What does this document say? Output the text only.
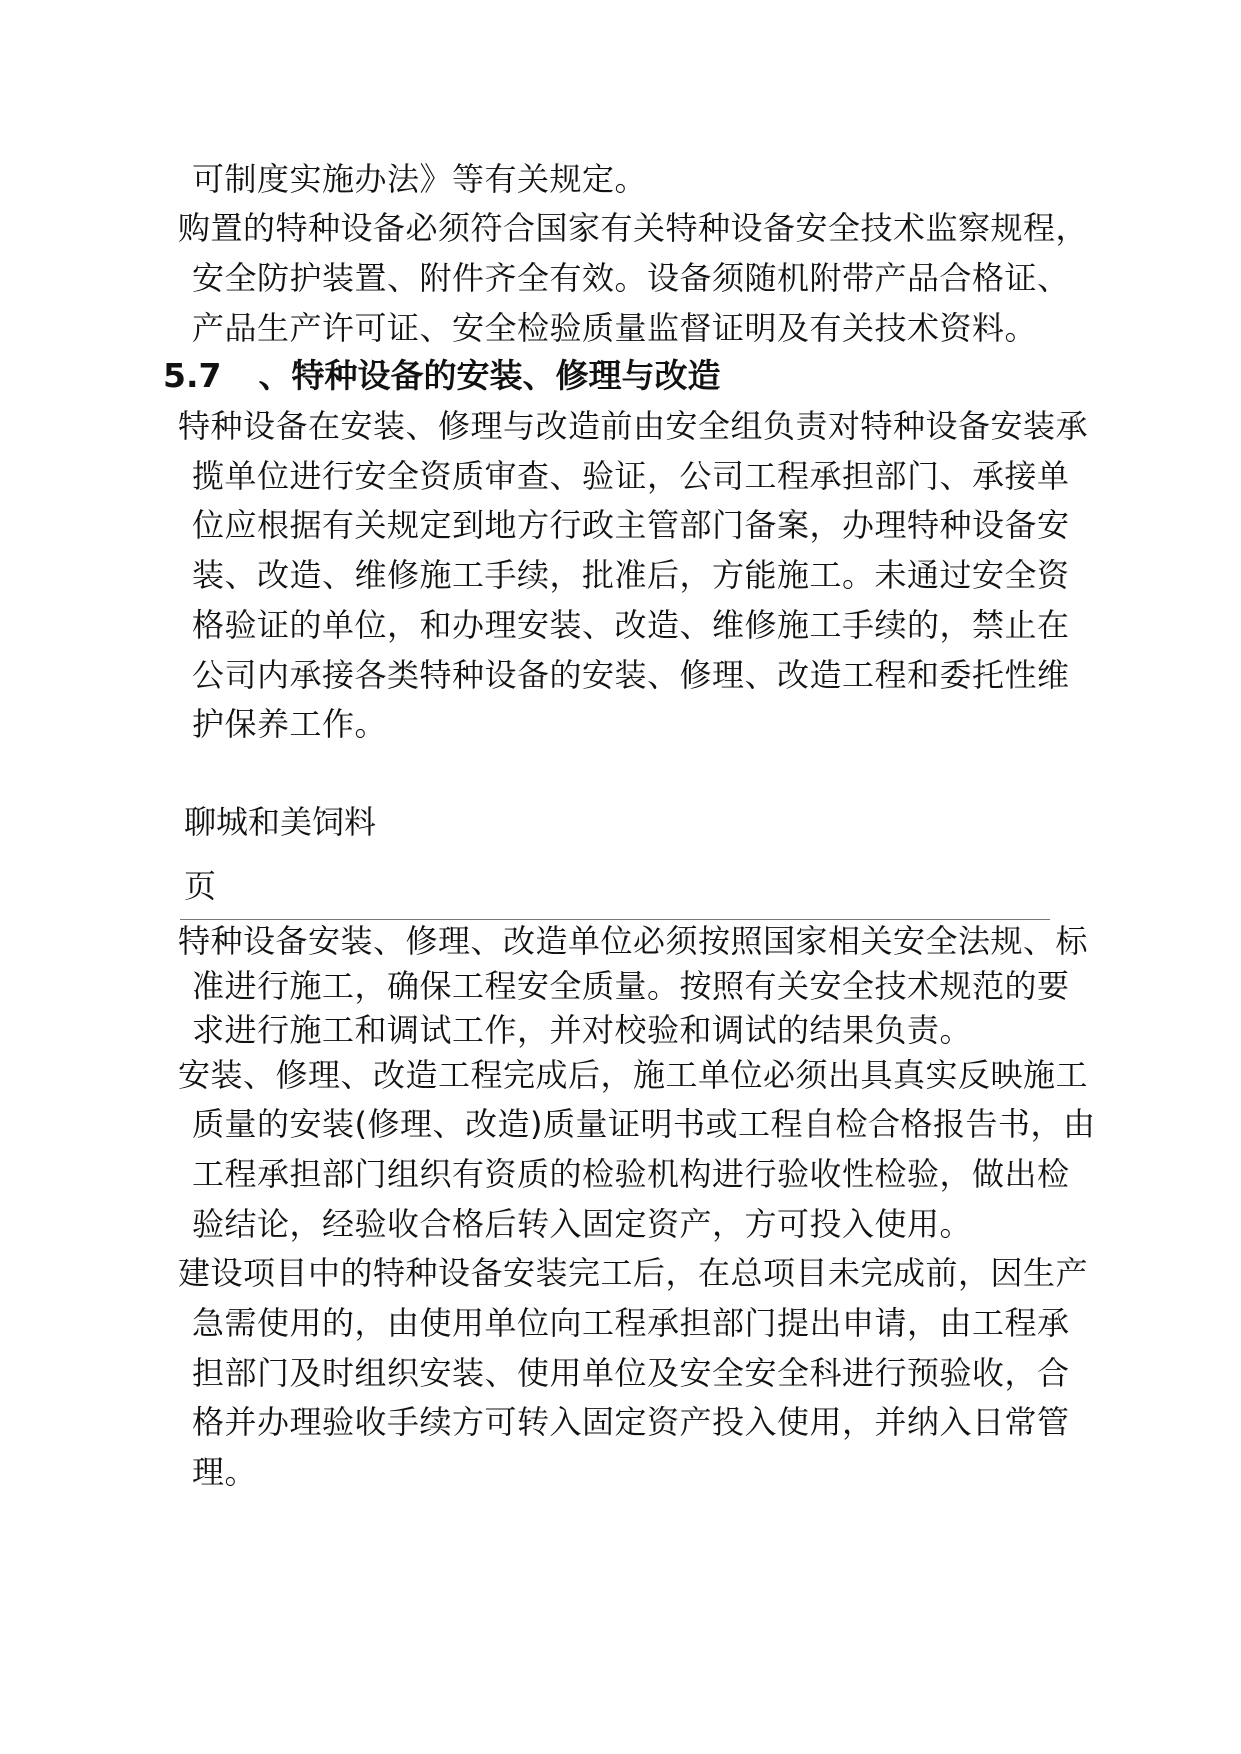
可制度实施办法》等有关规定。
购置的特种设备必须符合国家有关特种设备安全技术监察规程，
安全防护装置、附件齐全有效。设备须随机附带产品合格证、
产品生产许可证、安全检验质量监督证明及有关技术资料。
5.7 、特种设备的安装、修理与改造
特种设备在安装、修理与改造前由安全组负责对特种设备安装承
揽单位进行安全资质审查、验证，公司工程承担部门、承接单
位应根据有关规定到地方行政主管部门备案，办理特种设备安
装、改造、维修施工手续，批准后，方能施工。未通过安全资
格验证的单位，和办理安装、改造、维修施工手续的，禁止在
公司内承接各类特种设备的安装、修理、改造工程和委托性维
护保养工作。
聊城和美饲料
页
特种设备安装、修理、改造单位必须按照国家相关安全法规、标
准进行施工，确保工程安全质量。按照有关安全技术规范的要
求进行施工和调试工作，并对校验和调试的结果负责。
安装、修理、改造工程完成后，施工单位必须出具真实反映施工
质量的安装(修理、改造)质量证明书或工程自检合格报告书，由
工程承担部门组织有资质的检验机构进行验收性检验，做出检
验结论，经验收合格后转入固定资产，方可投入使用。
建设项目中的特种设备安装完工后，在总项目未完成前，因生产
急需使用的，由使用单位向工程承担部门提出申请，由工程承
担部门及时组织安装、使用单位及安全安全科进行预验收，合
格并办理验收手续方可转入固定资产投入使用，并纳入日常管
理。
